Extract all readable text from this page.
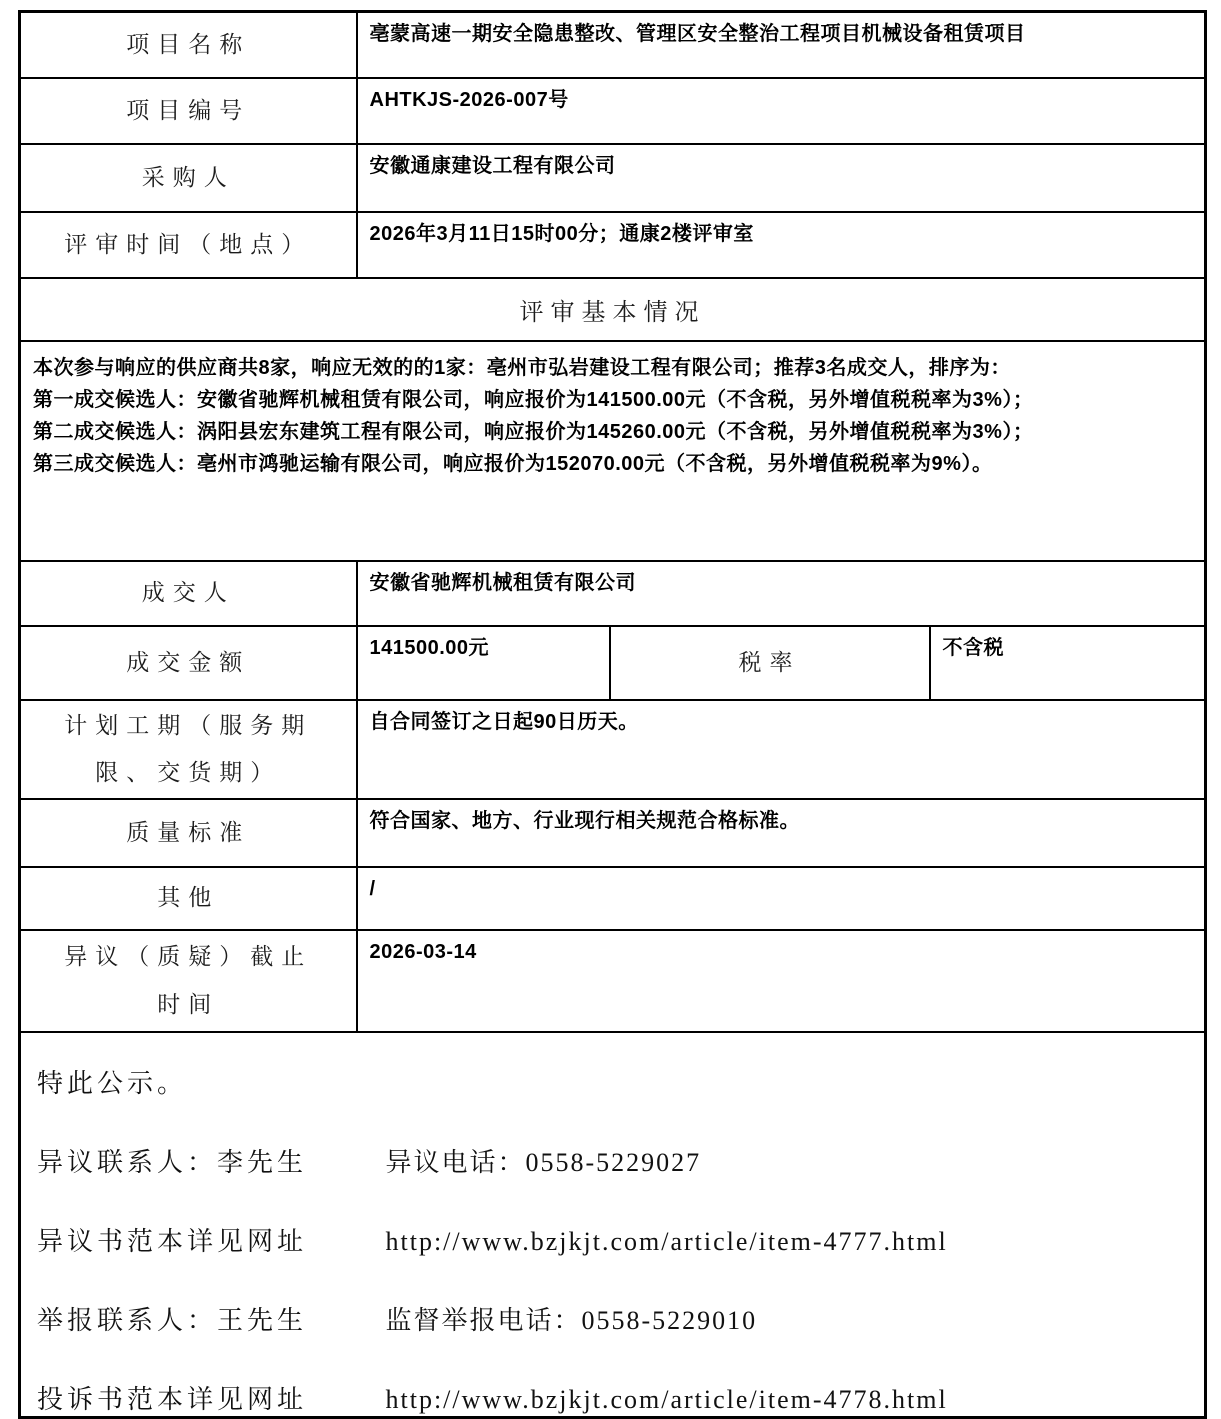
项目名称	亳蒙高速一期安全隐患整改、管理区安全整治工程项目机械设备租赁项目		
项目编号	AHTKJS-2026-007号		
采购人	安徽通康建设工程有限公司		
评审时间（地点）	2026年3月11日15时00分；通康2楼评审室		
评审基本情况			

本次参与响应的供应商共8家，响应无效的的1家：亳州市弘岩建设工程有限公司；推荐3名成交人，排序为：
第一成交候选人：安徽省驰辉机械租赁有限公司，响应报价为141500.00元（不含税，另外增值税税率为3%）；
第二成交候选人：涡阳县宏东建筑工程有限公司，响应报价为145260.00元（不含税，另外增值税税率为3%）；
第三成交候选人：亳州市鸿驰运输有限公司，响应报价为152070.00元（不含税，另外增值税税率为9%）。			

成交人	安徽省驰辉机械租赁有限公司		
成交金额	141500.00元	税率	不含税
计划工期（服务期限、交货期）	自合同签订之日起90日历天。		
质量标准	符合国家、地方、行业现行相关规范合格标准。		
其他	/		
异议（质疑）截止时间	2026-03-14		

特此公示。
异议联系人：李先生 异议电话：0558-5229027
异议书范本详见网址 http://www.bzjkjt.com/article/item-4777.html
举报联系人：王先生 监督举报电话：0558-5229010
投诉书范本详见网址 http://www.bzjkjt.com/article/item-4778.html			
